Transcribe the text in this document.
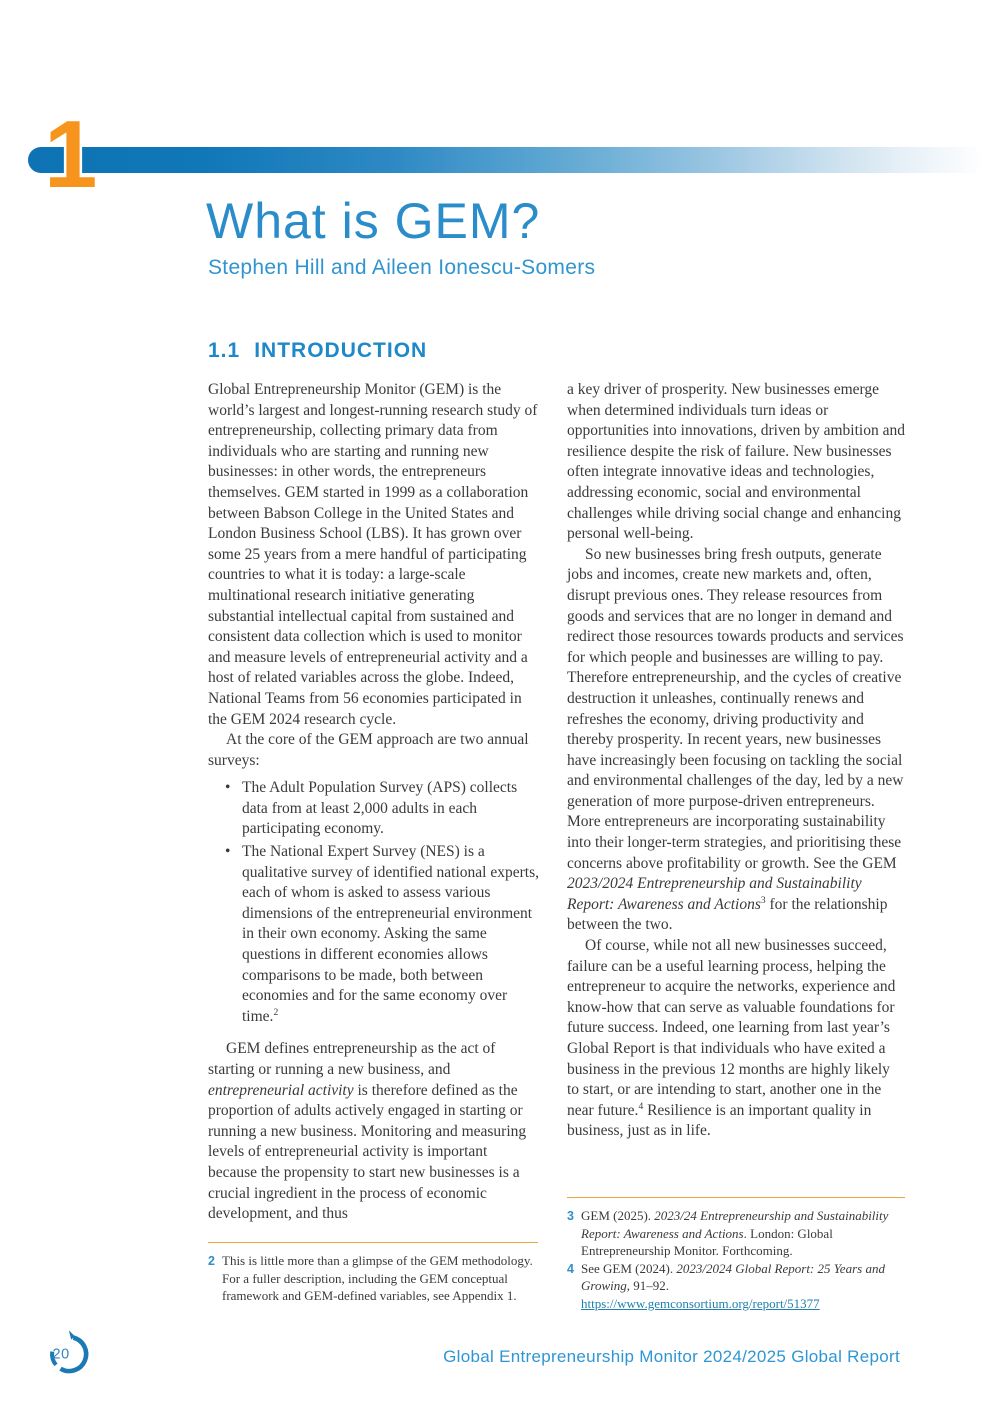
1
What is GEM?
Stephen Hill and Aileen Ionescu-Somers
1.1 INTRODUCTION

Global Entrepreneurship Monitor (GEM) is the world’s largest and longest-running research study of entrepreneurship, collecting primary data from individuals who are starting and running new businesses: in other words, the entrepreneurs themselves. GEM started in 1999 as a collaboration between Babson College in the United States and London Business School (LBS). It has grown over some 25 years from a mere handful of participating countries to what it is today: a large-scale multinational research initiative generating substantial intellectual capital from sustained and consistent data collection which is used to monitor and measure levels of entrepreneurial activity and a host of related variables across the globe. Indeed, National Teams from 56 economies participated in the GEM 2024 research cycle.

At the core of the GEM approach are two annual surveys:

• The Adult Population Survey (APS) collects data from at least 2,000 adults in each participating economy.
• The National Expert Survey (NES) is a qualitative survey of identified national experts, each of whom is asked to assess various dimensions of the entrepreneurial environment in their own economy. Asking the same questions in different economies allows comparisons to be made, both between economies and for the same economy over time.$^2$

GEM defines entrepreneurship as the act of starting or running a new business, and entrepreneurial activity is therefore defined as the proportion of adults actively engaged in starting or running a new business. Monitoring and measuring levels of entrepreneurial activity is important because the propensity to start new businesses is a crucial ingredient in the process of economic development, and thus

a key driver of prosperity. New businesses emerge when determined individuals turn ideas or opportunities into innovations, driven by ambition and resilience despite the risk of failure. New businesses often integrate innovative ideas and technologies, addressing economic, social and environmental challenges while driving social change and enhancing personal well-being.

So new businesses bring fresh outputs, generate jobs and incomes, create new markets and, often, disrupt previous ones. They release resources from goods and services that are no longer in demand and redirect those resources towards products and services for which people and businesses are willing to pay. Therefore entrepreneurship, and the cycles of creative destruction it unleashes, continually renews and refreshes the economy, driving productivity and thereby prosperity. In recent years, new businesses have increasingly been focusing on tackling the social and environmental challenges of the day, led by a new generation of more purpose-driven entrepreneurs. More entrepreneurs are incorporating sustainability into their longer-term strategies, and prioritising these concerns above profitability or growth. See the GEM 2023/2024 Entrepreneurship and Sustainability Report: Awareness and Actions$^3$ for the relationship between the two.

Of course, while not all new businesses succeed, failure can be a useful learning process, helping the entrepreneur to acquire the networks, experience and know-how that can serve as valuable foundations for future success. Indeed, one learning from last year’s Global Report is that individuals who have exited a business in the previous 12 months are highly likely to start, or are intending to start, another one in the near future.$^4$ Resilience is an important quality in business, just as in life.

2 This is little more than a glimpse of the GEM methodology. For a fuller description, including the GEM conceptual framework and GEM-defined variables, see Appendix 1.
3 GEM (2025). 2023/24 Entrepreneurship and Sustainability Report: Awareness and Actions. London: Global Entrepreneurship Monitor. Forthcoming.
4 See GEM (2024). 2023/2024 Global Report: 25 Years and Growing, 91–92. https://www.gemconsortium.org/report/51377
20	Global Entrepreneurship Monitor 2024/2025 Global Report
